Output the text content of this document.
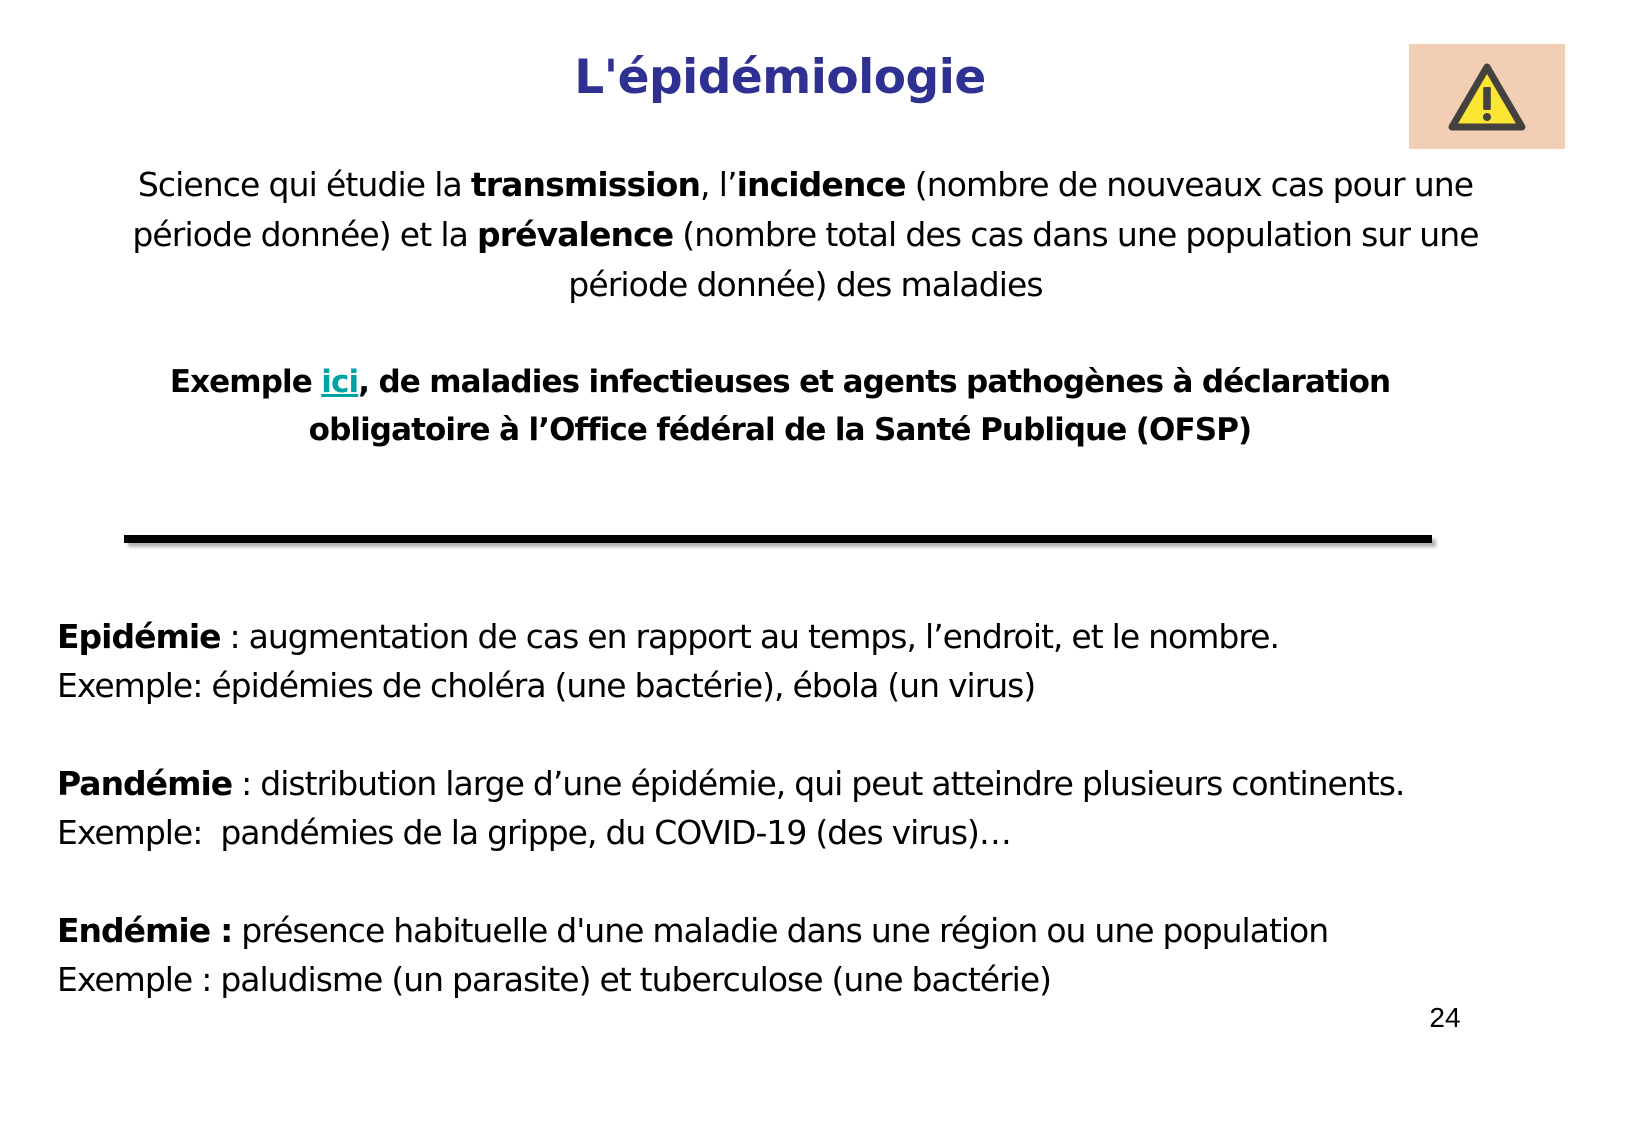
L'épidémiologie
Science qui étudie la transmission, l’incidence (nombre de nouveaux cas pour une période donnée) et la prévalence (nombre total des cas dans une population sur une période donnée) des maladies
Exemple ici, de maladies infectieuses et agents pathogènes à déclaration obligatoire à l’Office fédéral de la Santé Publique (OFSP)
Epidémie : augmentation de cas en rapport au temps, l’endroit, et le nombre.
Exemple: épidémies de choléra (une bactérie), ébola (un virus)
Pandémie : distribution large d’une épidémie, qui peut atteindre plusieurs continents.
Exemple:  pandémies de la grippe, du COVID-19 (des virus)…
Endémie : présence habituelle d'une maladie dans une région ou une population
Exemple : paludisme (un parasite) et tuberculose (une bactérie)
24
